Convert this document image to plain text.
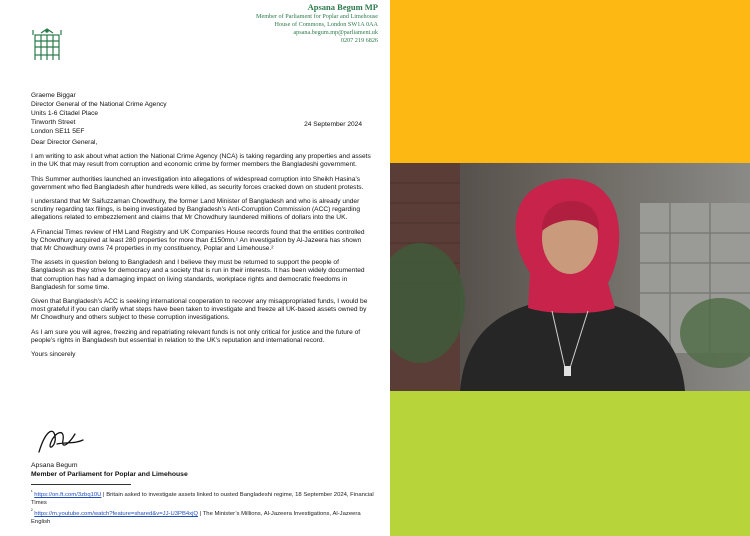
Apsana Begum MP
Member of Parliament for Poplar and Limehouse
House of Commons, London SW1A 0AA
apsana.begum.mp@parliament.uk
0207 219 6826
Graeme Biggar
Director General of the National Crime Agency
Units 1-6 Citadel Place
Tinworth Street
London SE11 5EF
24 September 2024

Dear Director General,

I am writing to ask about what action the National Crime Agency (NCA) is taking regarding any properties and assets in the UK that may result from corruption and economic crime by former members the Bangladeshi government.

This Summer authorities launched an investigation into allegations of widespread corruption into Sheikh Hasina’s government who fled Bangladesh after hundreds were killed, as security forces cracked down on student protests.

I understand that Mr Saifuzzaman Chowdhury, the former Land Minister of Bangladesh and who is already under scrutiny regarding tax filings, is being investigated by Bangladesh’s Anti-Corruption Commission (ACC) regarding allegations related to embezzlement and claims that Mr Chowdhury laundered millions of dollars into the UK.

A Financial Times review of HM Land Registry and UK Companies House records found that the entities controlled by Chowdhury acquired at least 280 properties for more than £150mn.¹ An investigation by Al-Jazeera has shown that Mr Chowdhury owns 74 properties in my constituency, Poplar and Limehouse.²

The assets in question belong to Bangladesh and I believe they must be returned to support the people of Bangladesh as they strive for democracy and a society that is run in their interests. It has been widely documented that corruption has had a damaging impact on living standards, workplace rights and democratic freedoms in Bangladesh for some time.

Given that Bangladesh’s ACC is seeking international cooperation to recover any misappropriated funds, I would be most grateful if you can clarify what steps have been taken to investigate and freeze all UK-based assets owned by Mr Chowdhury and others subject to these corruption investigations.

As I am sure you will agree, freezing and repatriating relevant funds is not only critical for justice and the future of people’s rights in Bangladesh but essential in relation to the UK’s reputation and international record.

Yours sincerely

Apsana Begum
Member of Parliament for Poplar and Limehouse
$^{^1}$ https://on.ft.com/3zbq10U | Britain asked to investigate assets linked to ousted Bangladeshi regime, 18 September 2024, Financial Times
$^{^2}$ https://m.youtube.com/watch?feature=shared&v=JJ-U3PB4xjQ | The Minister’s Millions, Al-Jazeera Investigations, Al-Jazeera English
